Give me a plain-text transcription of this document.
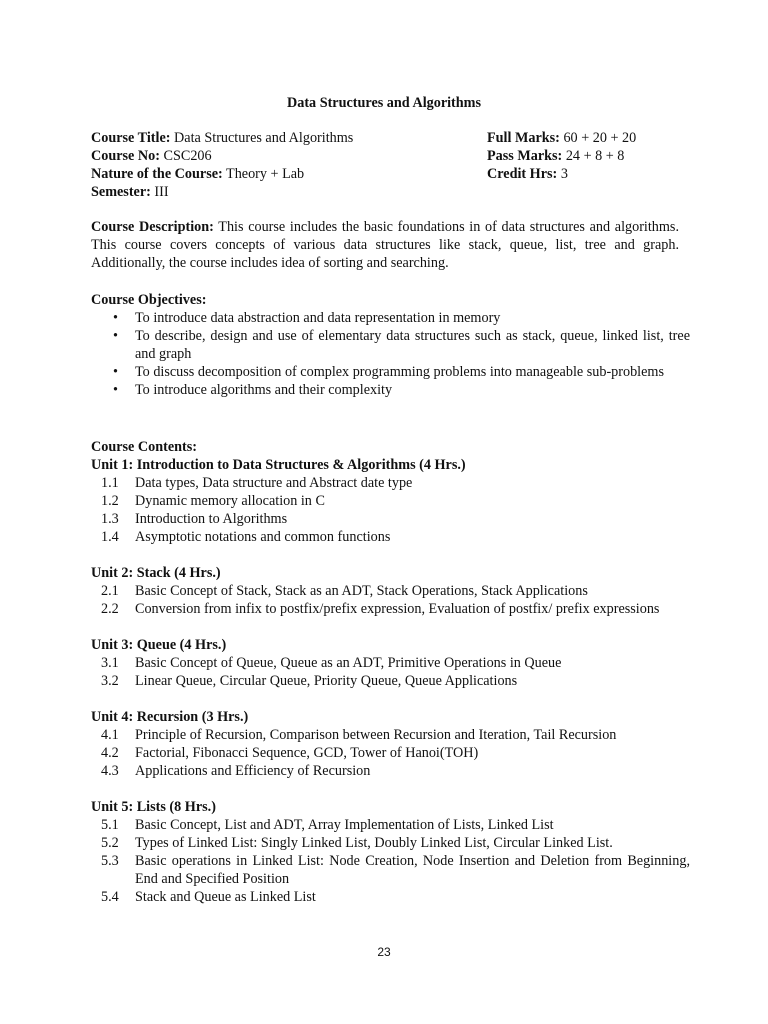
Data Structures and Algorithms
Course Title: Data Structures and Algorithms
Course No: CSC206
Nature of the Course: Theory + Lab
Semester: III
Full Marks: 60 + 20 + 20
Pass Marks: 24 + 8 + 8
Credit Hrs: 3
Course Description: This course includes the basic foundations in of data structures and algorithms. This course covers concepts of various data structures like stack, queue, list, tree and graph. Additionally, the course includes idea of sorting and searching.
Course Objectives:
• To introduce data abstraction and data representation in memory
• To describe, design and use of elementary data structures such as stack, queue, linked list, tree and graph
• To discuss decomposition of complex programming problems into manageable sub-problems
• To introduce algorithms and their complexity
Course Contents:
Unit 1: Introduction to Data Structures & Algorithms (4 Hrs.)
1.1 Data types, Data structure and Abstract date type
1.2 Dynamic memory allocation in C
1.3 Introduction to Algorithms
1.4 Asymptotic notations and common functions
Unit 2: Stack (4 Hrs.)
2.1 Basic Concept of Stack, Stack as an ADT, Stack Operations, Stack Applications
2.2 Conversion from infix to postfix/prefix expression, Evaluation of postfix/ prefix expressions
Unit 3: Queue (4 Hrs.)
3.1 Basic Concept of Queue, Queue as an ADT, Primitive Operations in Queue
3.2 Linear Queue, Circular Queue, Priority Queue, Queue Applications
Unit 4: Recursion (3 Hrs.)
4.1 Principle of Recursion, Comparison between Recursion and Iteration, Tail Recursion
4.2 Factorial, Fibonacci Sequence, GCD, Tower of Hanoi(TOH)
4.3 Applications and Efficiency of Recursion
Unit 5: Lists (8 Hrs.)
5.1 Basic Concept, List and ADT, Array Implementation of Lists, Linked List
5.2 Types of Linked List: Singly Linked List, Doubly Linked List, Circular Linked List.
5.3 Basic operations in Linked List: Node Creation, Node Insertion and Deletion from Beginning, End and Specified Position
5.4 Stack and Queue as Linked List
23
